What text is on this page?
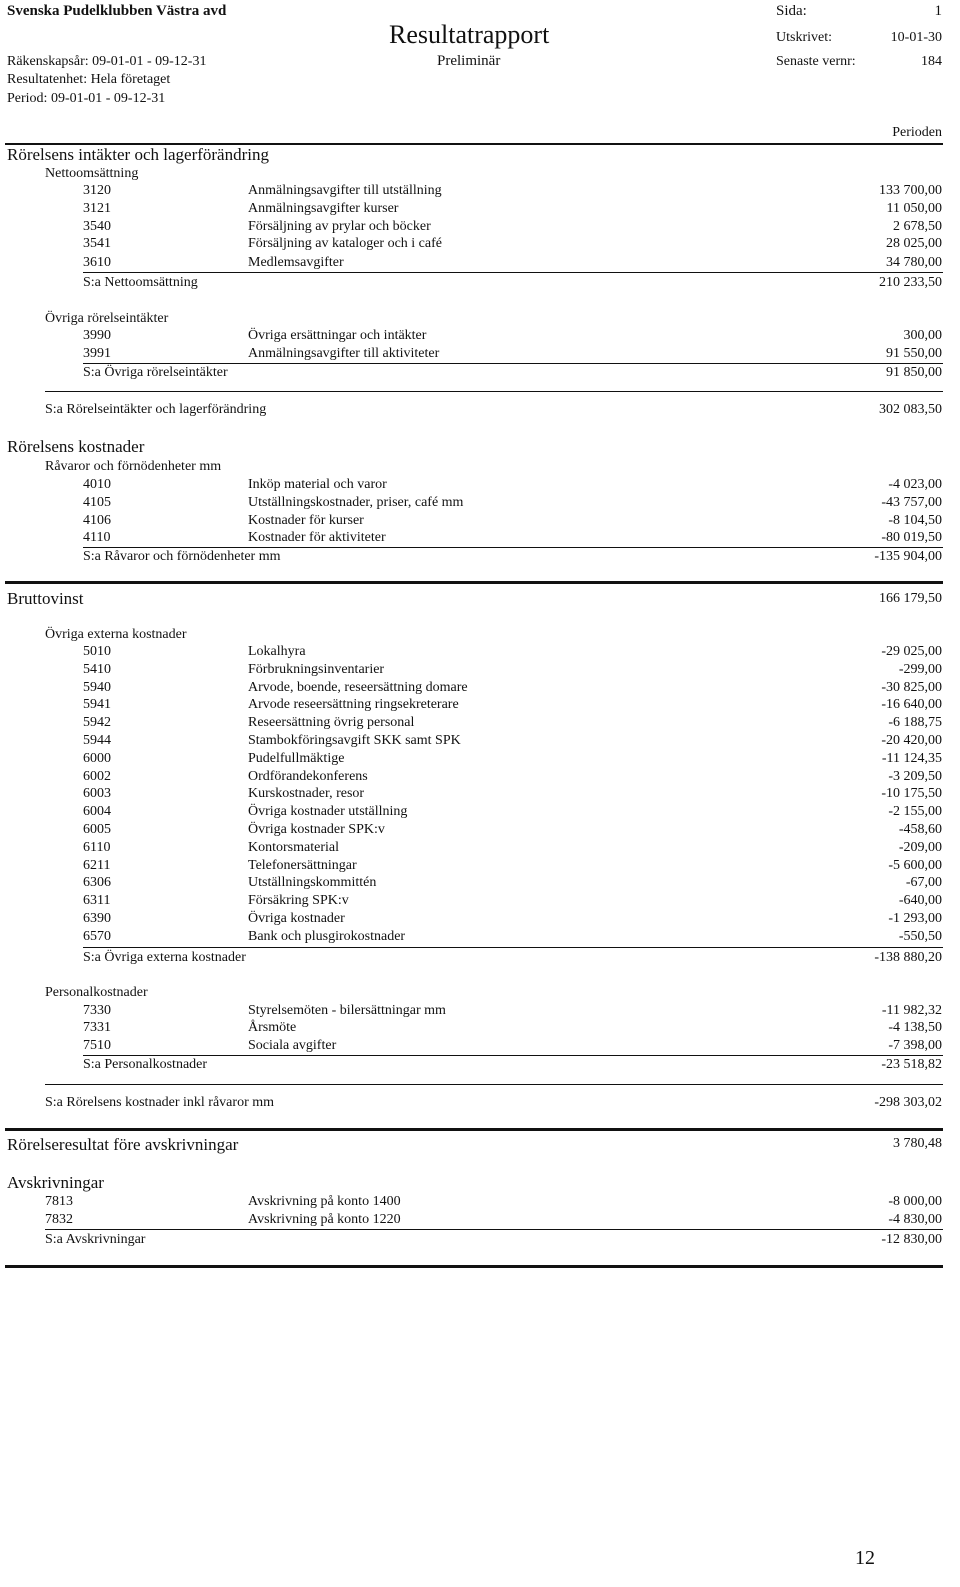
Svenska Pudelklubben Västra avd
Räkenskapsår: 09-01-01 - 09-12-31
Resultatenhet: Hela företaget
Period: 09-01-01 - 09-12-31
Resultatrapport
Preliminär
Sida:	1
Utskrivet:	10-01-30
Senaste vernr:	184
Perioden
Rörelsens intäkter och lagerförändring
Nettoomsättning
3120	Anmälningsavgifter till utställning	133 700,00
3121	Anmälningsavgifter kurser	11 050,00
3540	Försäljning av prylar och böcker	2 678,50
3541	Försäljning av kataloger och i café	28 025,00
3610	Medlemsavgifter	34 780,00
S:a Nettoomsättning	210 233,50
Övriga rörelseintäkter
3990	Övriga ersättningar och intäkter	300,00
3991	Anmälningsavgifter till aktiviteter	91 550,00
S:a Övriga rörelseintäkter	91 850,00
S:a Rörelseintäkter och lagerförändring	302 083,50
Rörelsens kostnader
Råvaror och förnödenheter mm
4010	Inköp material och varor	-4 023,00
4105	Utställningskostnader, priser, café mm	-43 757,00
4106	Kostnader för kurser	-8 104,50
4110	Kostnader för aktiviteter	-80 019,50
S:a Råvaror och förnödenheter mm	-135 904,00
Bruttovinst	166 179,50
Övriga externa kostnader
5010	Lokalhyra	-29 025,00
5410	Förbrukningsinventarier	-299,00
5940	Arvode, boende, reseersättning domare	-30 825,00
5941	Arvode reseersättning ringsekreterare	-16 640,00
5942	Reseersättning övrig personal	-6 188,75
5944	Stambokföringsavgift SKK samt SPK	-20 420,00
6000	Pudelfullmäktige	-11 124,35
6002	Ordförandekonferens	-3 209,50
6003	Kurskostnader, resor	-10 175,50
6004	Övriga kostnader utställning	-2 155,00
6005	Övriga kostnader SPK:v	-458,60
6110	Kontorsmaterial	-209,00
6211	Telefonersättningar	-5 600,00
6306	Utställningskommittén	-67,00
6311	Försäkring SPK:v	-640,00
6390	Övriga kostnader	-1 293,00
6570	Bank och plusgirokostnader	-550,50
S:a Övriga externa kostnader	-138 880,20
Personalkostnader
7330	Styrelsemöten - bilersättningar mm	-11 982,32
7331	Årsmöte	-4 138,50
7510	Sociala avgifter	-7 398,00
S:a Personalkostnader	-23 518,82
S:a Rörelsens kostnader inkl råvaror mm	-298 303,02
Rörelseresultat före avskrivningar	3 780,48
Avskrivningar
7813	Avskrivning på konto 1400	-8 000,00
7832	Avskrivning på konto 1220	-4 830,00
S:a Avskrivningar	-12 830,00
12
